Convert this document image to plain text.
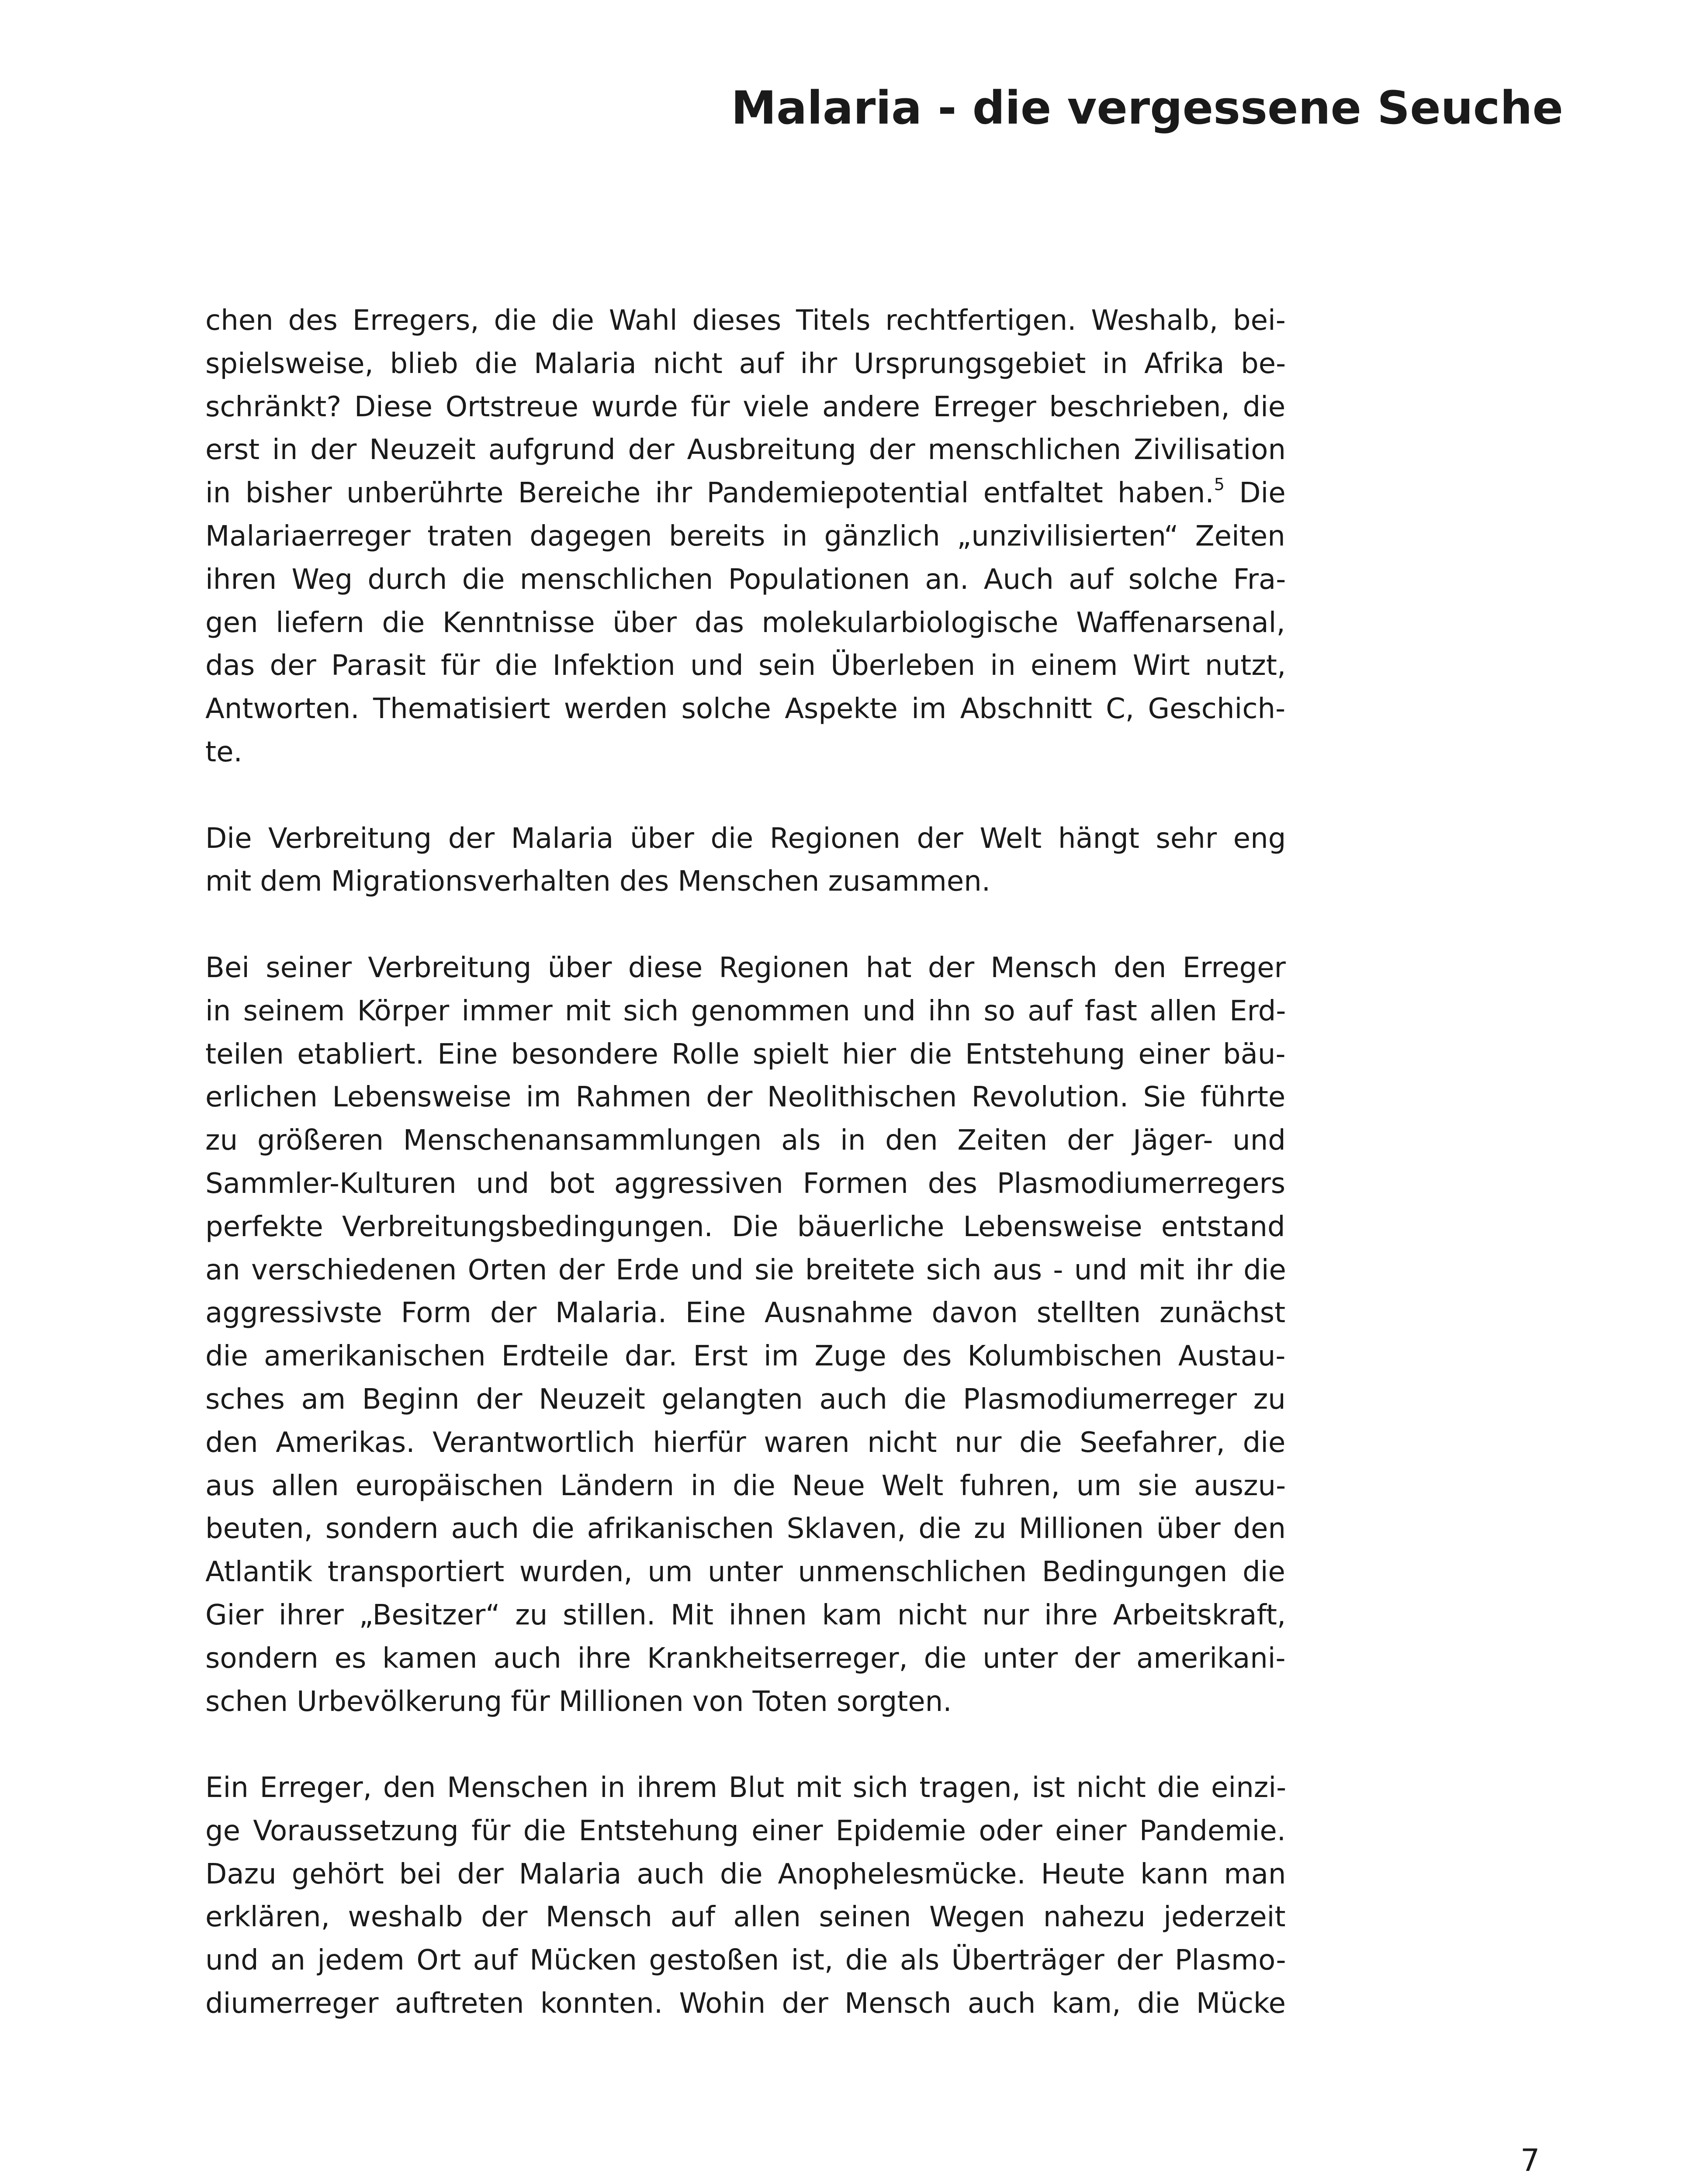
Malaria - die vergessene Seuche

chen des Erregers, die die Wahl dieses Titels rechtfertigen. Weshalb, bei-
spielsweise, blieb die Malaria nicht auf ihr Ursprungsgebiet in Afrika be-
schränkt? Diese Ortstreue wurde für viele andere Erreger beschrieben, die
erst in der Neuzeit aufgrund der Ausbreitung der menschlichen Zivilisation
in bisher unberührte Bereiche ihr Pandemiepotential entfaltet haben.$^5$ Die
Malariaerreger traten dagegen bereits in gänzlich „unzivilisierten“ Zeiten
ihren Weg durch die menschlichen Populationen an. Auch auf solche Fra-
gen liefern die Kenntnisse über das molekularbiologische Waffenarsenal,
das der Parasit für die Infektion und sein Überleben in einem Wirt nutzt,
Antworten. Thematisiert werden solche Aspekte im Abschnitt C, Geschich-
te.

Die Verbreitung der Malaria über die Regionen der Welt hängt sehr eng
mit dem Migrationsverhalten des Menschen zusammen.

Bei seiner Verbreitung über diese Regionen hat der Mensch den Erreger
in seinem Körper immer mit sich genommen und ihn so auf fast allen Erd-
teilen etabliert. Eine besondere Rolle spielt hier die Entstehung einer bäu-
erlichen Lebensweise im Rahmen der Neolithischen Revolution. Sie führte
zu größeren Menschenansammlungen als in den Zeiten der Jäger- und
Sammler-Kulturen und bot aggressiven Formen des Plasmodiumerregers
perfekte Verbreitungsbedingungen. Die bäuerliche Lebensweise entstand
an verschiedenen Orten der Erde und sie breitete sich aus - und mit ihr die
aggressivste Form der Malaria. Eine Ausnahme davon stellten zunächst
die amerikanischen Erdteile dar. Erst im Zuge des Kolumbischen Austau-
sches am Beginn der Neuzeit gelangten auch die Plasmodiumerreger zu
den Amerikas. Verantwortlich hierfür waren nicht nur die Seefahrer, die
aus allen europäischen Ländern in die Neue Welt fuhren, um sie auszu-
beuten, sondern auch die afrikanischen Sklaven, die zu Millionen über den
Atlantik transportiert wurden, um unter unmenschlichen Bedingungen die
Gier ihrer „Besitzer“ zu stillen. Mit ihnen kam nicht nur ihre Arbeitskraft,
sondern es kamen auch ihre Krankheitserreger, die unter der amerikani-
schen Urbevölkerung für Millionen von Toten sorgten.

Ein Erreger, den Menschen in ihrem Blut mit sich tragen, ist nicht die einzi-
ge Voraussetzung für die Entstehung einer Epidemie oder einer Pandemie.
Dazu gehört bei der Malaria auch die Anophelesmücke. Heute kann man
erklären, weshalb der Mensch auf allen seinen Wegen nahezu jederzeit
und an jedem Ort auf Mücken gestoßen ist, die als Überträger der Plasmo-
diumerreger auftreten konnten. Wohin der Mensch auch kam, die Mücke

7
